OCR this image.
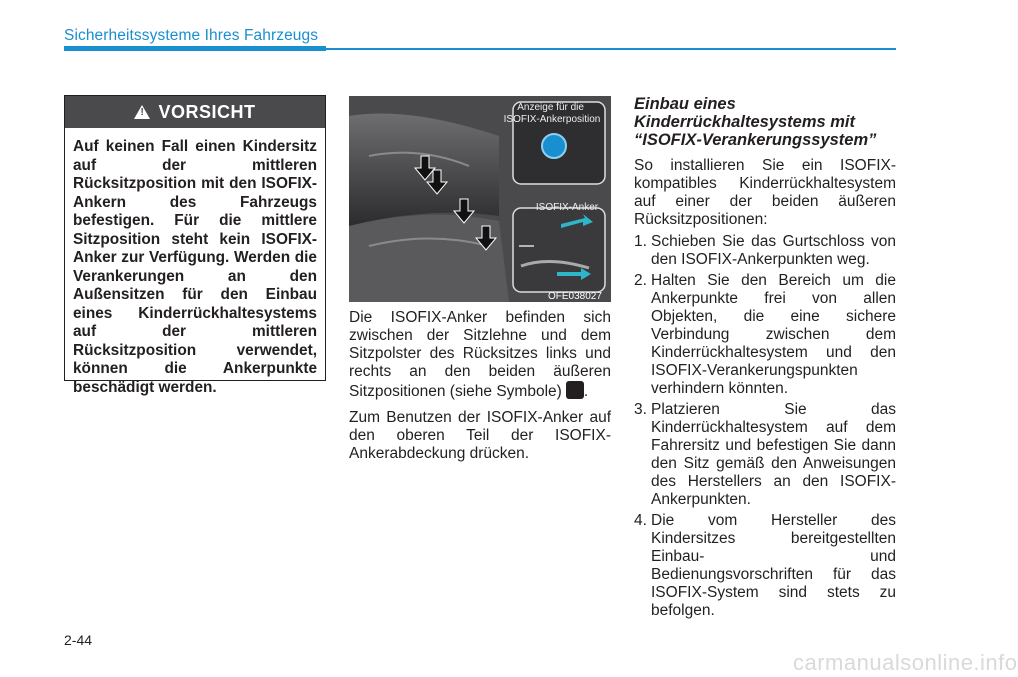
Sicherheitssysteme Ihres Fahrzeugs
!
VORSICHT
Auf keinen Fall einen Kindersitz auf der mittleren Rücksitzposition mit den ISOFIX-Ankern des Fahrzeugs befestigen. Für die mittlere Sitzposition steht kein ISOFIX-Anker zur Verfügung. Werden die Verankerungen an den Außensitzen für den Einbau eines Kinderrückhaltesystems auf der mittleren Rücksitzposition verwendet, können die Ankerpunkte beschädigt werden.
Anzeige für die ISOFIX-Ankerposition
ISOFIX-Anker
OFE038027

Die ISOFIX-Anker befinden sich zwischen der Sitzlehne und dem Sitzpolster des Rücksitzes links und rechts an den beiden äußeren Sitzpositionen (siehe Symbole) .

Zum Benutzen der ISOFIX-Anker auf den oberen Teil der ISOFIX-Ankerabdeckung drücken.

Einbau eines Kinderrückhaltesystems mit “ISOFIX-Verankerungssystem”
So installieren Sie ein ISOFIX-kompatibles Kinderrückhaltesystem auf einer der beiden äußeren Rücksitzpositionen:
1. Schieben Sie das Gurtschloss von den ISOFIX-Ankerpunkten weg.
2. Halten Sie den Bereich um die Ankerpunkte frei von allen Objekten, die eine sichere Verbindung zwischen dem Kinderrückhaltesystem und den ISOFIX-Verankerungspunkten verhindern könnten.
3. Platzieren Sie das Kinderrückhaltesystem auf dem Fahrersitz und befestigen Sie dann den Sitz gemäß den Anweisungen des Herstellers an den ISOFIX-Ankerpunkten.
4. Die vom Hersteller des Kindersitzes bereitgestellten Einbau- und Bedienungsvorschriften für das ISOFIX-System sind stets zu befolgen.
2-44
carmanualsonline.info
